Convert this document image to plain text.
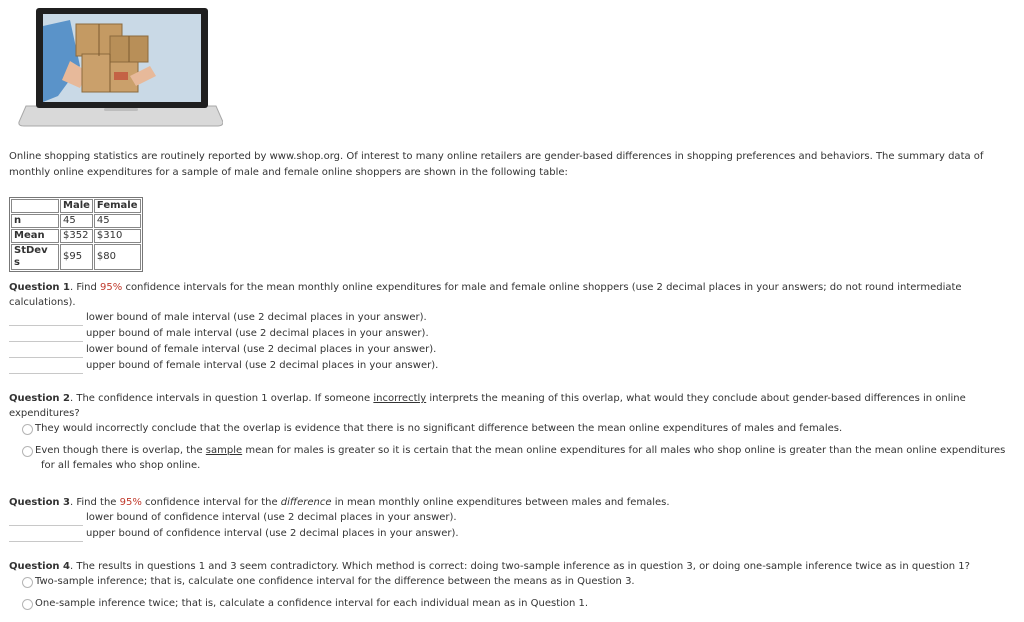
Online shopping statistics are routinely reported by www.shop.org. Of interest to many online retailers are gender-based differences in shopping preferences and behaviors. The summary data of monthly online expenditures for a sample of male and female online shoppers are shown in the following table:
	Male	Female
n	45	45
Mean	$352	$310
StDev s	$95	$80
Question 1. Find 95% confidence intervals for the mean monthly online expenditures for male and female online shoppers (use 2 decimal places in your answers; do not round intermediate calculations).
lower bound of male interval (use 2 decimal places in your answer).
upper bound of male interval (use 2 decimal places in your answer).
lower bound of female interval (use 2 decimal places in your answer).
upper bound of female interval (use 2 decimal places in your answer).
Question 2. The confidence intervals in question 1 overlap. If someone incorrectly interprets the meaning of this overlap, what would they conclude about gender-based differences in online expenditures?
They would incorrectly conclude that the overlap is evidence that there is no significant difference between the mean online expenditures of males and females.
Even though there is overlap, the sample mean for males is greater so it is certain that the mean online expenditures for all males who shop online is greater than the mean online expenditures
for all females who shop online.
Question 3. Find the 95% confidence interval for the difference in mean monthly online expenditures between males and females.
lower bound of confidence interval (use 2 decimal places in your answer).
upper bound of confidence interval (use 2 decimal places in your answer).
Question 4. The results in questions 1 and 3 seem contradictory. Which method is correct: doing two-sample inference as in question 3, or doing one-sample inference twice as in question 1?
Two-sample inference; that is, calculate one confidence interval for the difference between the means as in Question 3.
One-sample inference twice; that is, calculate a confidence interval for each individual mean as in Question 1.
